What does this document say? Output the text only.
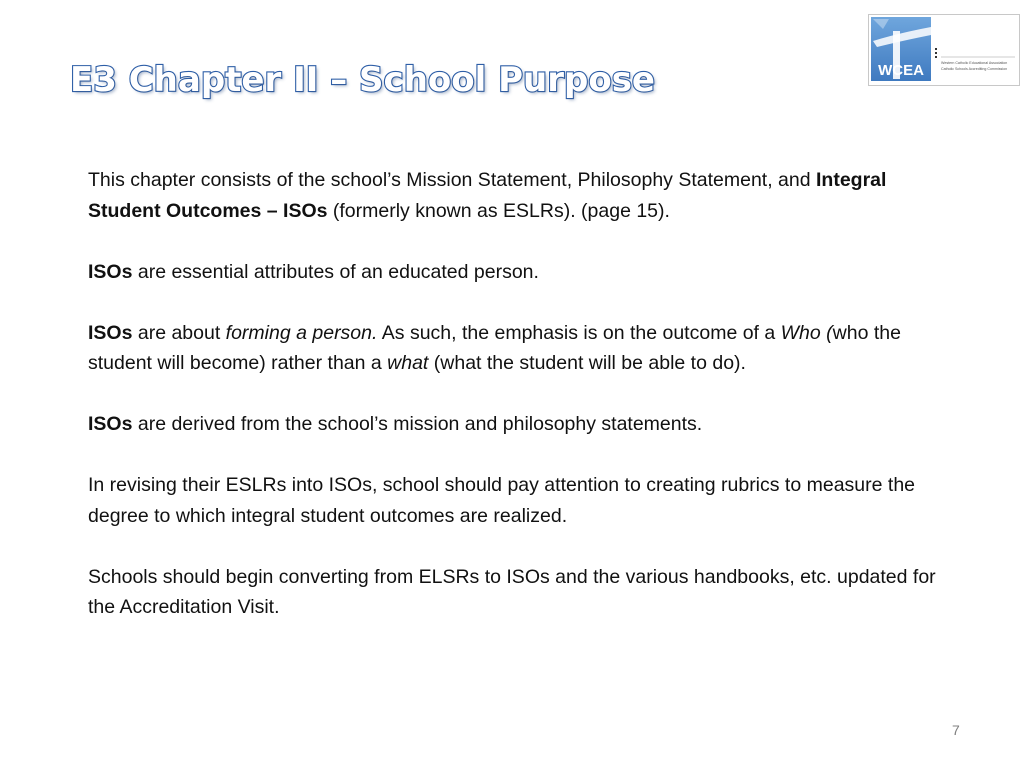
E3 Chapter II – School Purpose	WCEA	Western Catholic Educational Association
Catholic Schools Accrediting Commission

This chapter consists of the school’s Mission Statement, Philosophy Statement, and Integral Student Outcomes – ISOs (formerly known as ESLRs). (page 15).

ISOs are essential attributes of an educated person.

ISOs are about forming a person. As such, the emphasis is on the outcome of a Who (who the student will become) rather than a what (what the student will be able to do).

ISOs are derived from the school’s mission and philosophy statements.

In revising their ESLRs into ISOs, school should pay attention to creating rubrics to measure the degree to which integral student outcomes are realized.

Schools should begin converting from ELSRs to ISOs and the various handbooks, etc. updated for the Accreditation Visit.

7
